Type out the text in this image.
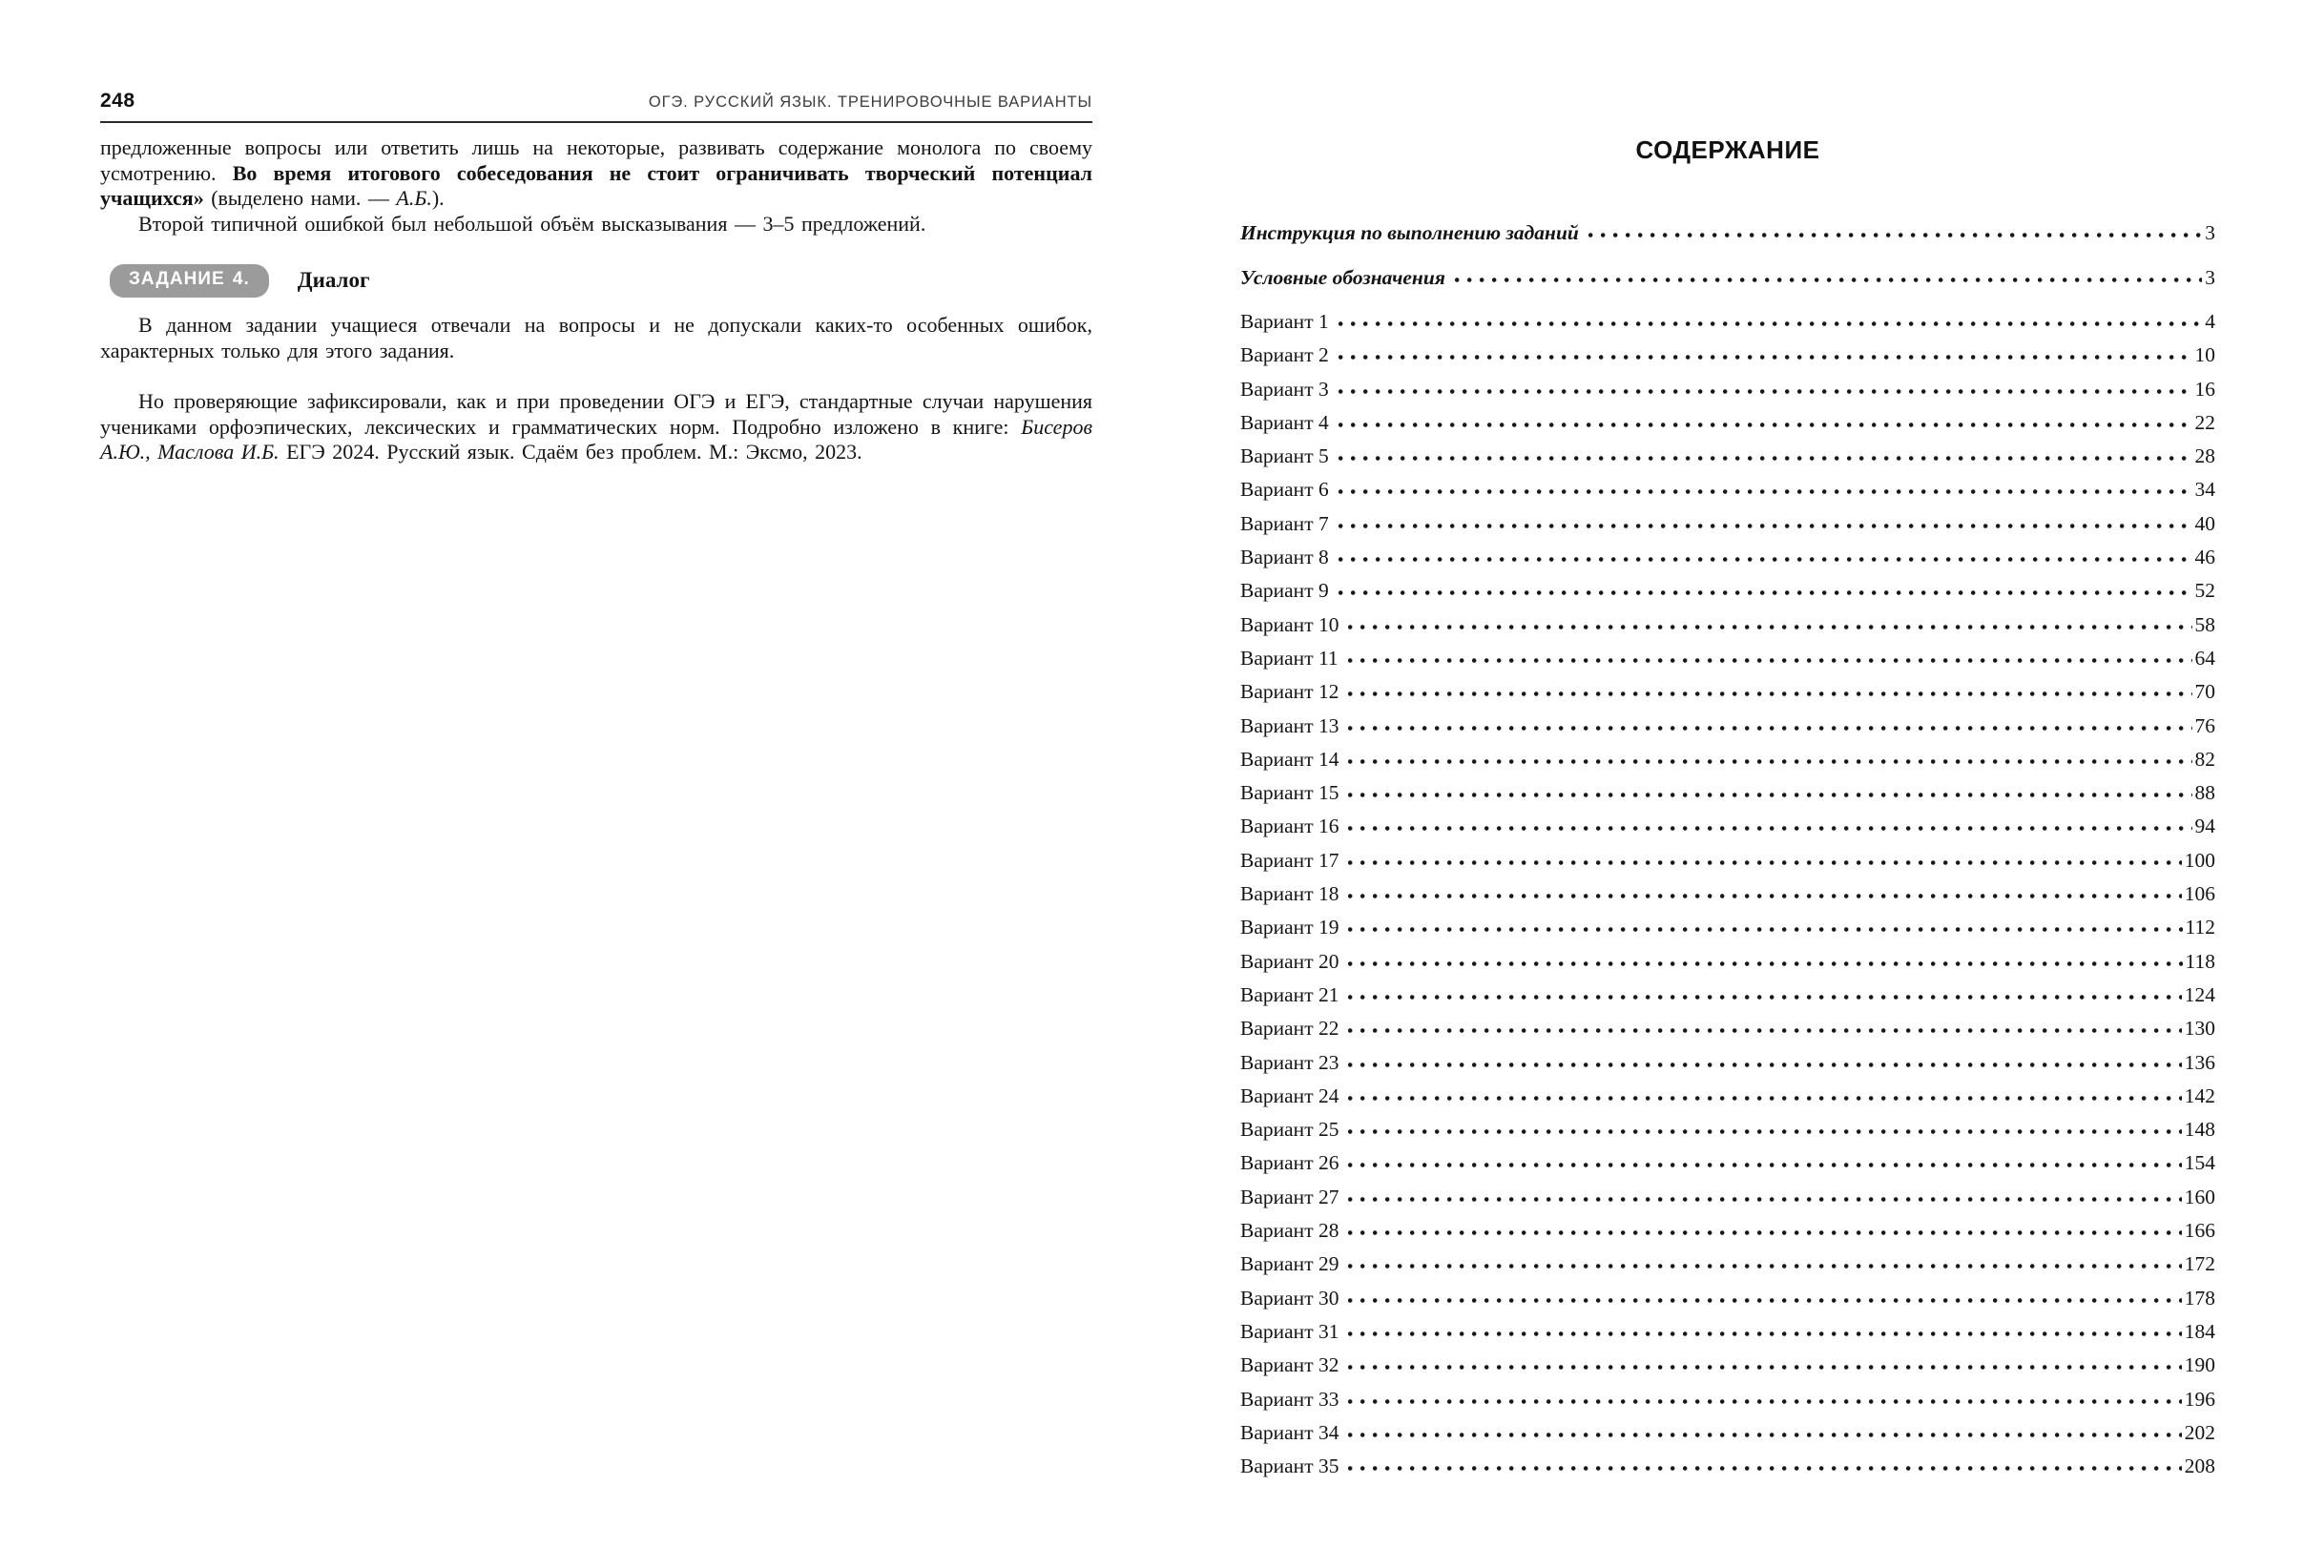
248	ОГЭ. РУССКИЙ ЯЗЫК. ТРЕНИРОВОЧНЫЕ ВАРИАНТЫ

предложенные вопросы или ответить лишь на некоторые, развивать содержание монолога по своему усмотрению. Во время итогового собеседования не стоит ограничивать творческий потенциал учащихся» (выделено нами. — А.Б.).

Второй типичной ошибкой был небольшой объём высказывания — 3–5 предложений.

ЗАДАНИЕ 4.	Диалог

В данном задании учащиеся отвечали на вопросы и не допускали каких-то особенных ошибок, характерных только для этого задания.

Но проверяющие зафиксировали, как и при проведении ОГЭ и ЕГЭ, стандартные случаи нарушения учениками орфоэпических, лексических и грамматических норм. Подробно изложено в книге: Бисеров А.Ю., Маслова И.Б. ЕГЭ 2024. Русский язык. Сдаём без проблем. М.: Эксмо, 2023.

СОДЕРЖАНИЕ
Инструкция по выполнению заданий	3
Условные обозначения	3
Вариант 1	4
Вариант 2	10
Вариант 3	16
Вариант 4	22
Вариант 5	28
Вариант 6	34
Вариант 7	40
Вариант 8	46
Вариант 9	52
Вариант 10	58
Вариант 11	64
Вариант 12	70
Вариант 13	76
Вариант 14	82
Вариант 15	88
Вариант 16	94
Вариант 17	100
Вариант 18	106
Вариант 19	112
Вариант 20	118
Вариант 21	124
Вариант 22	130
Вариант 23	136
Вариант 24	142
Вариант 25	148
Вариант 26	154
Вариант 27	160
Вариант 28	166
Вариант 29	172
Вариант 30	178
Вариант 31	184
Вариант 32	190
Вариант 33	196
Вариант 34	202
Вариант 35	208
